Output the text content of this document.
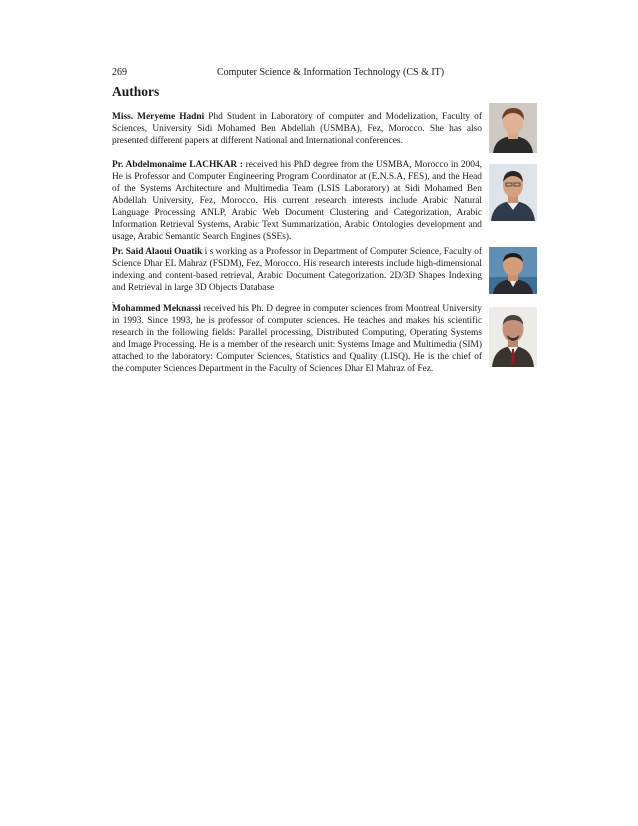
269	Computer Science & Information Technology (CS & IT)
Authors

Miss. Meryeme Hadni Phd Student in Laboratory of computer and Modelization, Faculty of Sciences, University Sidi Mohamed Ben Abdellah (USMBA), Fez, Morocco. She has also presented different papers at different National and International conferences.

Pr. Abdelmonaime LACHKAR : received his PhD degree from the USMBA, Morocco in 2004, He is Professor and Computer Engineering Program Coordinator at (E.N.S.A, FES), and the Head of the Systems Architecture and Multimedia Team (LSIS Laboratory) at Sidi Mohamed Ben Abdellah University, Fez, Morocco. His current research interests include Arabic Natural Language Processing ANLP, Arabic Web Document Clustering and Categorization, Arabic Information Retrieval Systems, Arabic Text Summarization, Arabic Ontologies development and usage, Arabic Semantic Search Engines (SSEs).

Pr. Said Alaoui Ouatik i s working as a Professor in Department of Computer Science, Faculty of Science Dhar EL Mahraz (FSDM), Fez, Morocco. His research interests include high-dimensional indexing and content-based retrieval, Arabic Document Categorization. 2D/3D Shapes Indexing and Retrieval in large 3D Objects Database

.

Mohammed Meknassi received his Ph. D degree in computer sciences from Montreal University in 1993. Since 1993, he is professor of computer sciences. He teaches and makes his scientific research in the following fields: Parallel processing, Distributed Computing, Operating Systems and Image Processing. He is a member of the research unit: Systems Image and Multimedia (SIM) attached to the laboratory: Computer Sciences, Statistics and Quality (LISQ). He is the chief of the computer Sciences Department in the Faculty of Sciences Dhar El Mahraz of Fez.
